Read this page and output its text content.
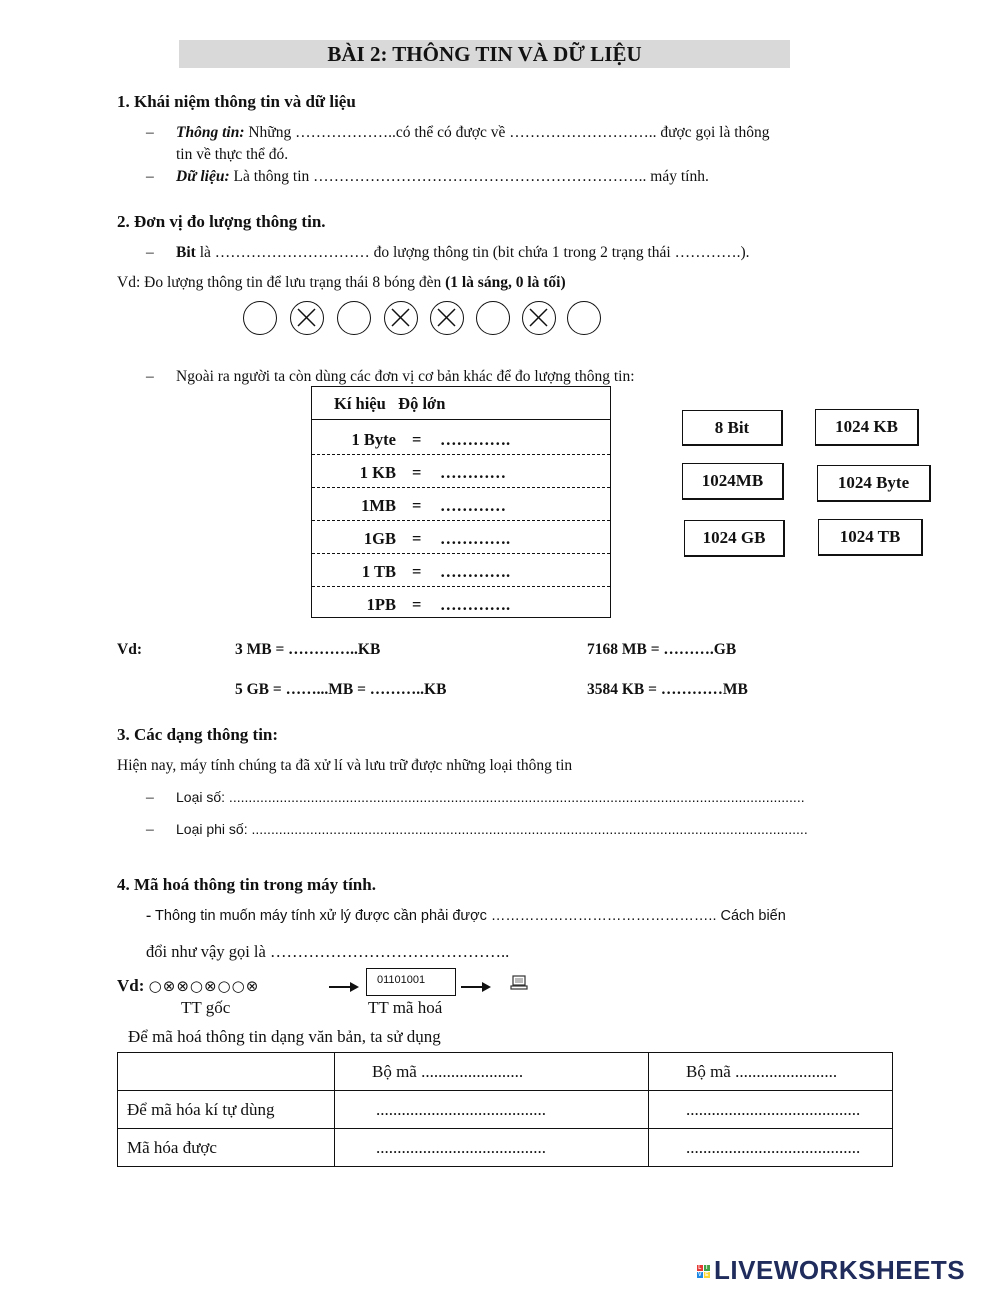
BÀI 2: THÔNG TIN VÀ DỮ LIỆU
1. Khái niệm thông tin và dữ liệu
– Thông tin: Những ………………..có thể có được về ……………………….. được gọi là thông
tin về thực thể đó.
– Dữ liệu: Là thông tin ……………………………………………………….. máy tính.
2. Đơn vị đo lượng thông tin.
– Bit là ………………………… đo lượng thông tin (bit chứa 1 trong 2 trạng thái ………….).
Vd: Đo lượng thông tin để lưu trạng thái 8 bóng đèn (1 là sáng, 0 là tối)
– Ngoài ra người ta còn dùng các đơn vị cơ bản khác để đo lượng thông tin:
Kí hiệu   Độ lớn
1 Byte = ………….
1 KB = …………
1MB = …………
1GB = ………….
1 TB = ………….
1PB = ………….
8 Bit	1024 KB
1024MB	1024 Byte
1024 GB	1024 TB
Vd:	3 MB = …………..KB	7168 MB = ……….GB
5 GB = ……...MB = ………..KB	3584 KB = …………MB
3. Các dạng thông tin:
Hiện nay, máy tính chúng ta đã xử lí và lưu trữ được những loại thông tin
– Loại số: ....................................................................................................................................................
– Loại phi số: ...............................................................................................................................................
4. Mã hoá thông tin trong máy tính.
- Thông tin muốn máy tính xử lý được cần phải được ……………………………………….. Cách biến
đổi như vậy gọi là ……………………………………..
Vd: ○⊗⊗○⊗○○⊗	01101001
TT gốc	TT mã hoá
Để mã hoá thông tin dạng văn bản, ta sử dụng
	Bộ mã ........................	Bộ mã ........................
Để mã hóa kí tự dùng	........................................	.........................................
Mã hóa được	........................................	.........................................
L I
V E LIVEWORKSHEETS
